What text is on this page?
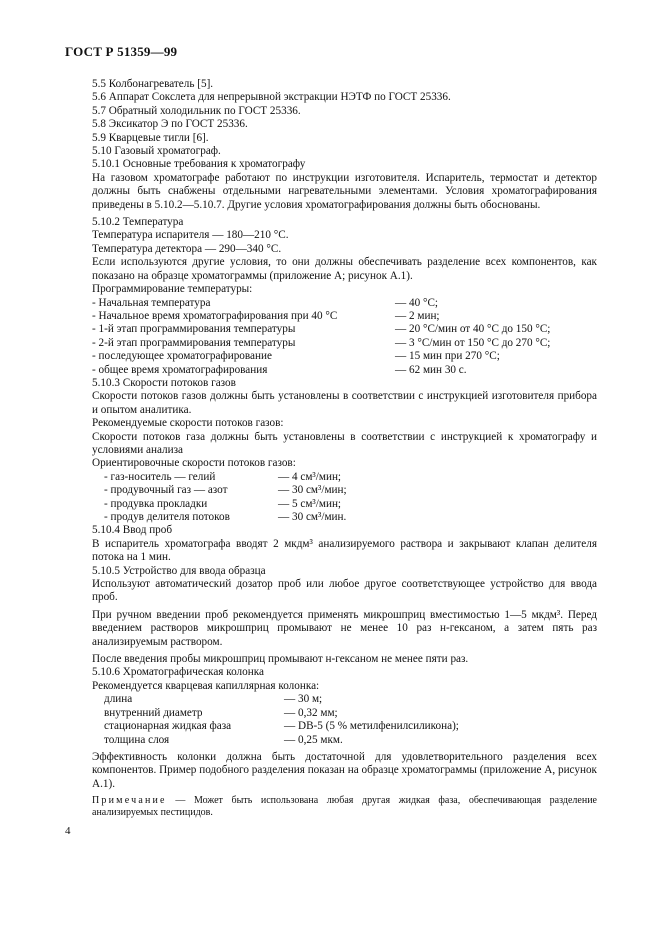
ГОСТ Р 51359—99

5.5 Колбонагреватель [5].

5.6 Аппарат Сокслета для непрерывной экстракции НЭТФ по ГОСТ 25336.

5.7 Обратный холодильник по ГОСТ 25336.

5.8 Эксикатор Э по ГОСТ 25336.

5.9 Кварцевые тигли [6].

5.10 Газовый хроматограф.

5.10.1 Основные требования к хроматографу

На газовом хроматографе работают по инструкции изготовителя. Испаритель, термостат и детектор должны быть снабжены отдельными нагревательными элементами. Условия хроматографирования приведены в 5.10.2—5.10.7. Другие условия хроматографирования должны быть обоснованы.

5.10.2 Температура

Температура испарителя — 180—210 °С.

Температура детектора — 290—340 °С.

Если используются другие условия, то они должны обеспечивать разделение всех компонентов, как показано на образце хроматограммы (приложение А; рисунок А.1).

Программирование температуры:

- Начальная температура	— 40 °С;
- Начальное время хроматографирования при 40 °С	— 2 мин;
- 1-й этап программирования температуры	— 20 °С/мин от 40 °С до 150 °С;
- 2-й этап программирования температуры	— 3 °С/мин от 150 °С до 270 °С;
- последующее хроматографирование	— 15 мин при 270 °С;
- общее время хроматографирования	— 62 мин 30 с.

5.10.3 Скорости потоков газов

Скорости потоков газов должны быть установлены в соответствии с инструкцией изготовителя прибора и опытом аналитика.

Рекомендуемые скорости потоков газов:

Скорости потоков газа должны быть установлены в соответствии с инструкцией к хроматографу и условиями анализа

Ориентировочные скорости потоков газов:

- газ-носитель — гелий	— 4 см³/мин;
- продувочный газ — азот	— 30 см³/мин;
- продувка прокладки	— 5 см³/мин;
- продув делителя потоков	— 30 см³/мин.

5.10.4 Ввод проб

В испаритель хроматографа вводят 2 мкдм³ анализируемого раствора и закрывают клапан делителя потока на 1 мин.

5.10.5 Устройство для ввода образца

Используют автоматический дозатор проб или любое другое соответствующее устройство для ввода проб.

При ручном введении проб рекомендуется применять микрошприц вместимостью 1—5 мкдм³. Перед введением растворов микрошприц промывают не менее 10 раз н-гексаном, а затем пять раз анализируемым раствором.

После введения пробы микрошприц промывают н-гексаном не менее пяти раз.

5.10.6 Хроматографическая колонка

Рекомендуется кварцевая капиллярная колонка:

длина	— 30 м;
внутренний диаметр	— 0,32 мм;
стационарная жидкая фаза	— DB-5 (5 % метилфенилсиликона);
толщина слоя	— 0,25 мкм.

Эффективность колонки должна быть достаточной для удовлетворительного разделения всех компонентов. Пример подобного разделения показан на образце хроматограммы (приложение А, рисунок А.1).

Примечание — Может быть использована любая другая жидкая фаза, обеспечивающая разделение анализируемых пестицидов.

4
